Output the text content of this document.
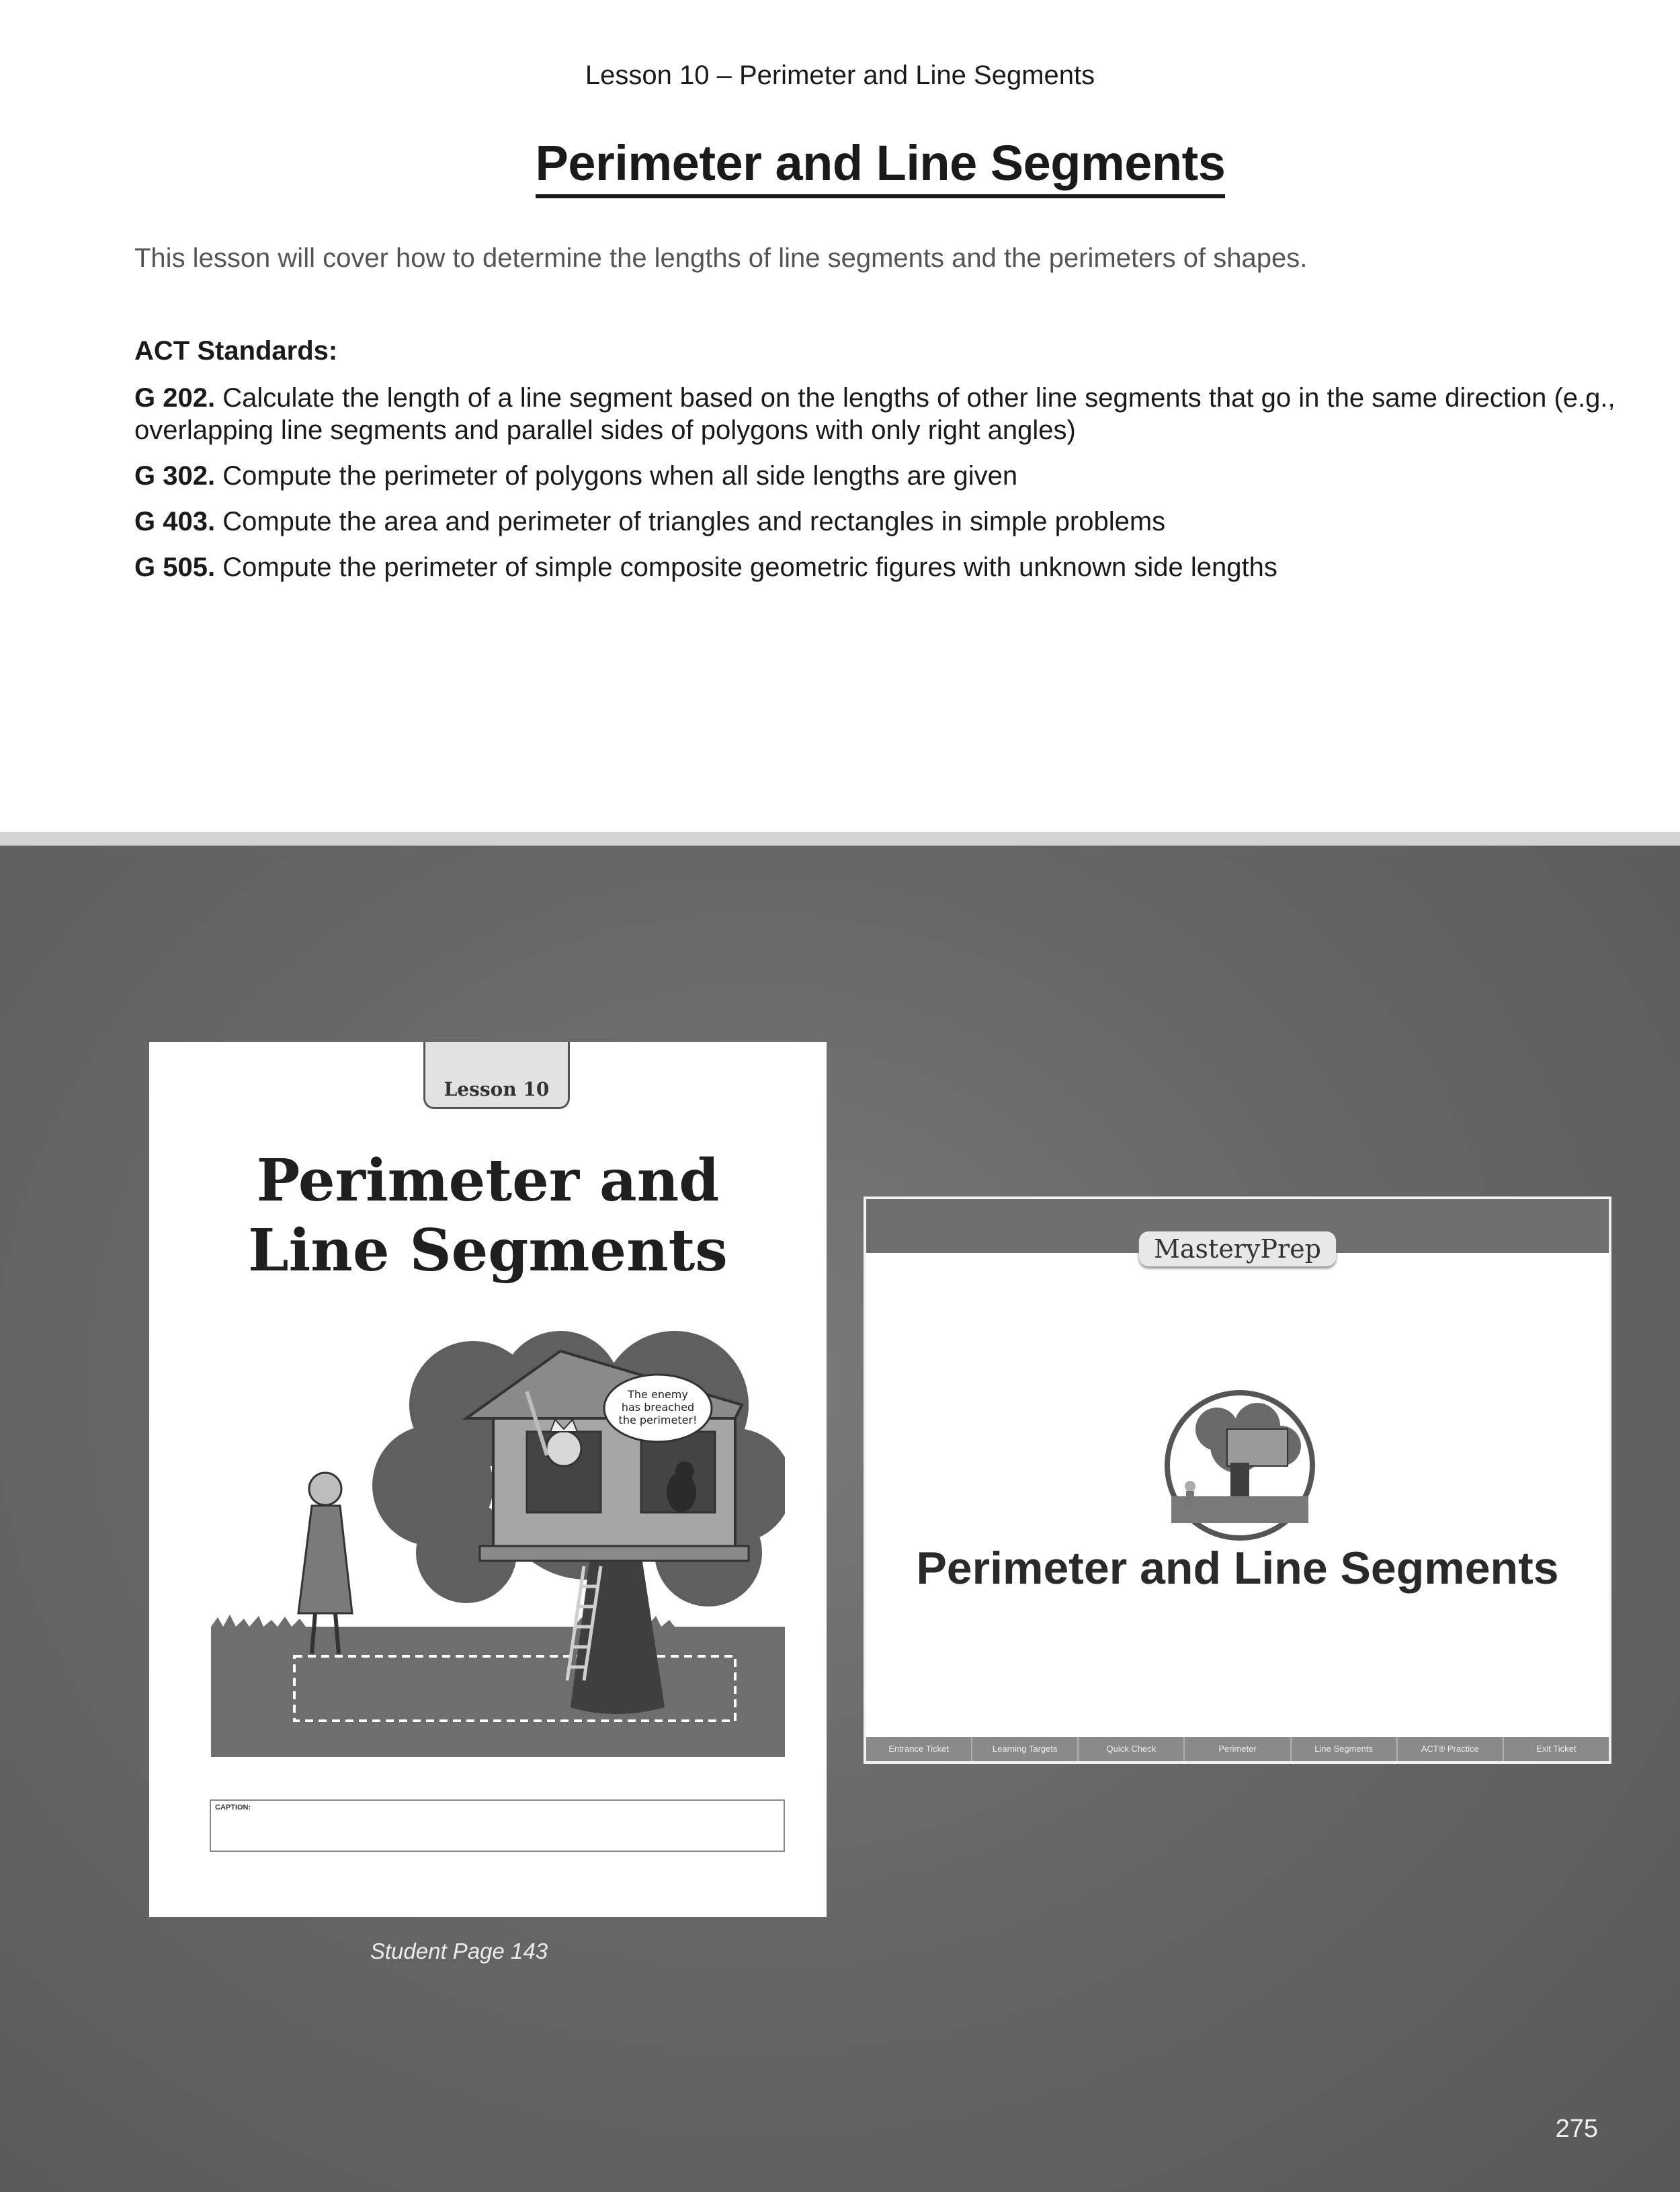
Lesson 10 – Perimeter and Line Segments
Perimeter and Line Segments
This lesson will cover how to determine the lengths of line segments and the perimeters of shapes.
ACT Standards:
G 202. Calculate the length of a line segment based on the lengths of other line segments that go in the same direction (e.g., overlapping line segments and parallel sides of polygons with only right angles)
G 302. Compute the perimeter of polygons when all side lengths are given
G 403. Compute the area and perimeter of triangles and rectangles in simple problems
G 505. Compute the perimeter of simple composite geometric figures with unknown side lengths
Lesson 10
Perimeter and
Line Segments
The enemy
has breached
the perimeter!
CAPTION:
Student Page 143
MasteryPrep
Perimeter and Line Segments
Entrance Ticket	Learning Targets	Quick Check	Perimeter	Line Segments	ACT® Practice	Exit Ticket
275
